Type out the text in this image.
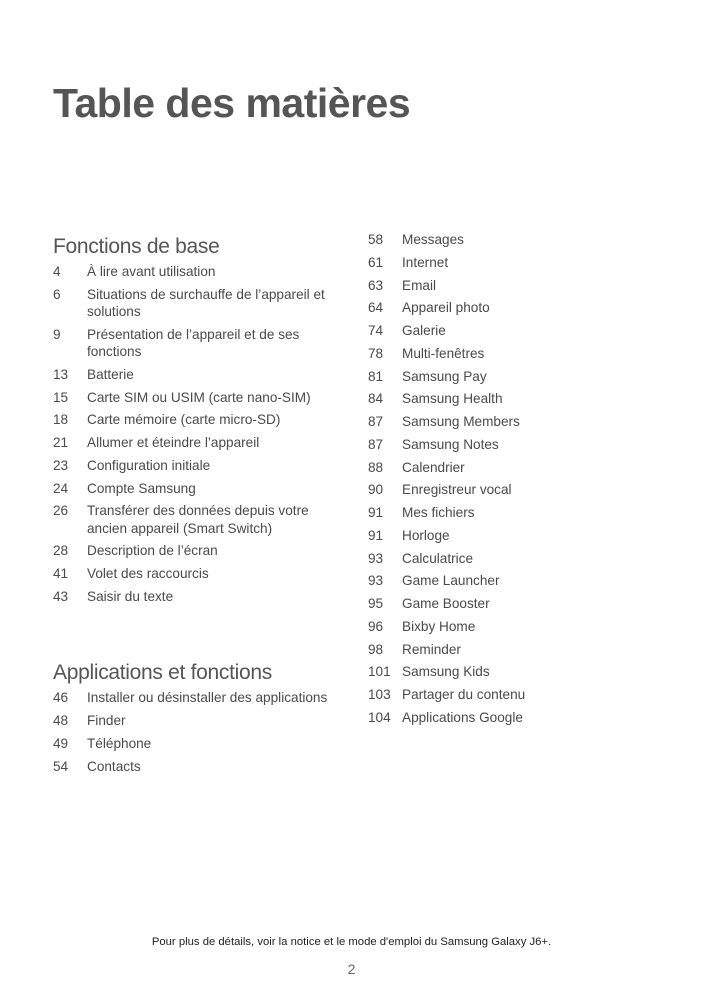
Table des matières
Fonctions de base
4	À lire avant utilisation
6	Situations de surchauffe de l’appareil et solutions
9	Présentation de l’appareil et de ses fonctions
13	Batterie
15	Carte SIM ou USIM (carte nano-SIM)
18	Carte mémoire (carte micro-SD)
21	Allumer et éteindre l’appareil
23	Configuration initiale
24	Compte Samsung
26	Transférer des données depuis votre ancien appareil (Smart Switch)
28	Description de l’écran
41	Volet des raccourcis
43	Saisir du texte
Applications et fonctions
46	Installer ou désinstaller des applications
48	Finder
49	Téléphone
54	Contacts
58	Messages
61	Internet
63	Email
64	Appareil photo
74	Galerie
78	Multi-fenêtres
81	Samsung Pay
84	Samsung Health
87	Samsung Members
87	Samsung Notes
88	Calendrier
90	Enregistreur vocal
91	Mes fichiers
91	Horloge
93	Calculatrice
93	Game Launcher
95	Game Booster
96	Bixby Home
98	Reminder
101 Samsung Kids
103 Partager du contenu
104 Applications Google
Pour plus de détails, voir la notice et le mode d'emploi du Samsung Galaxy J6+.
2
